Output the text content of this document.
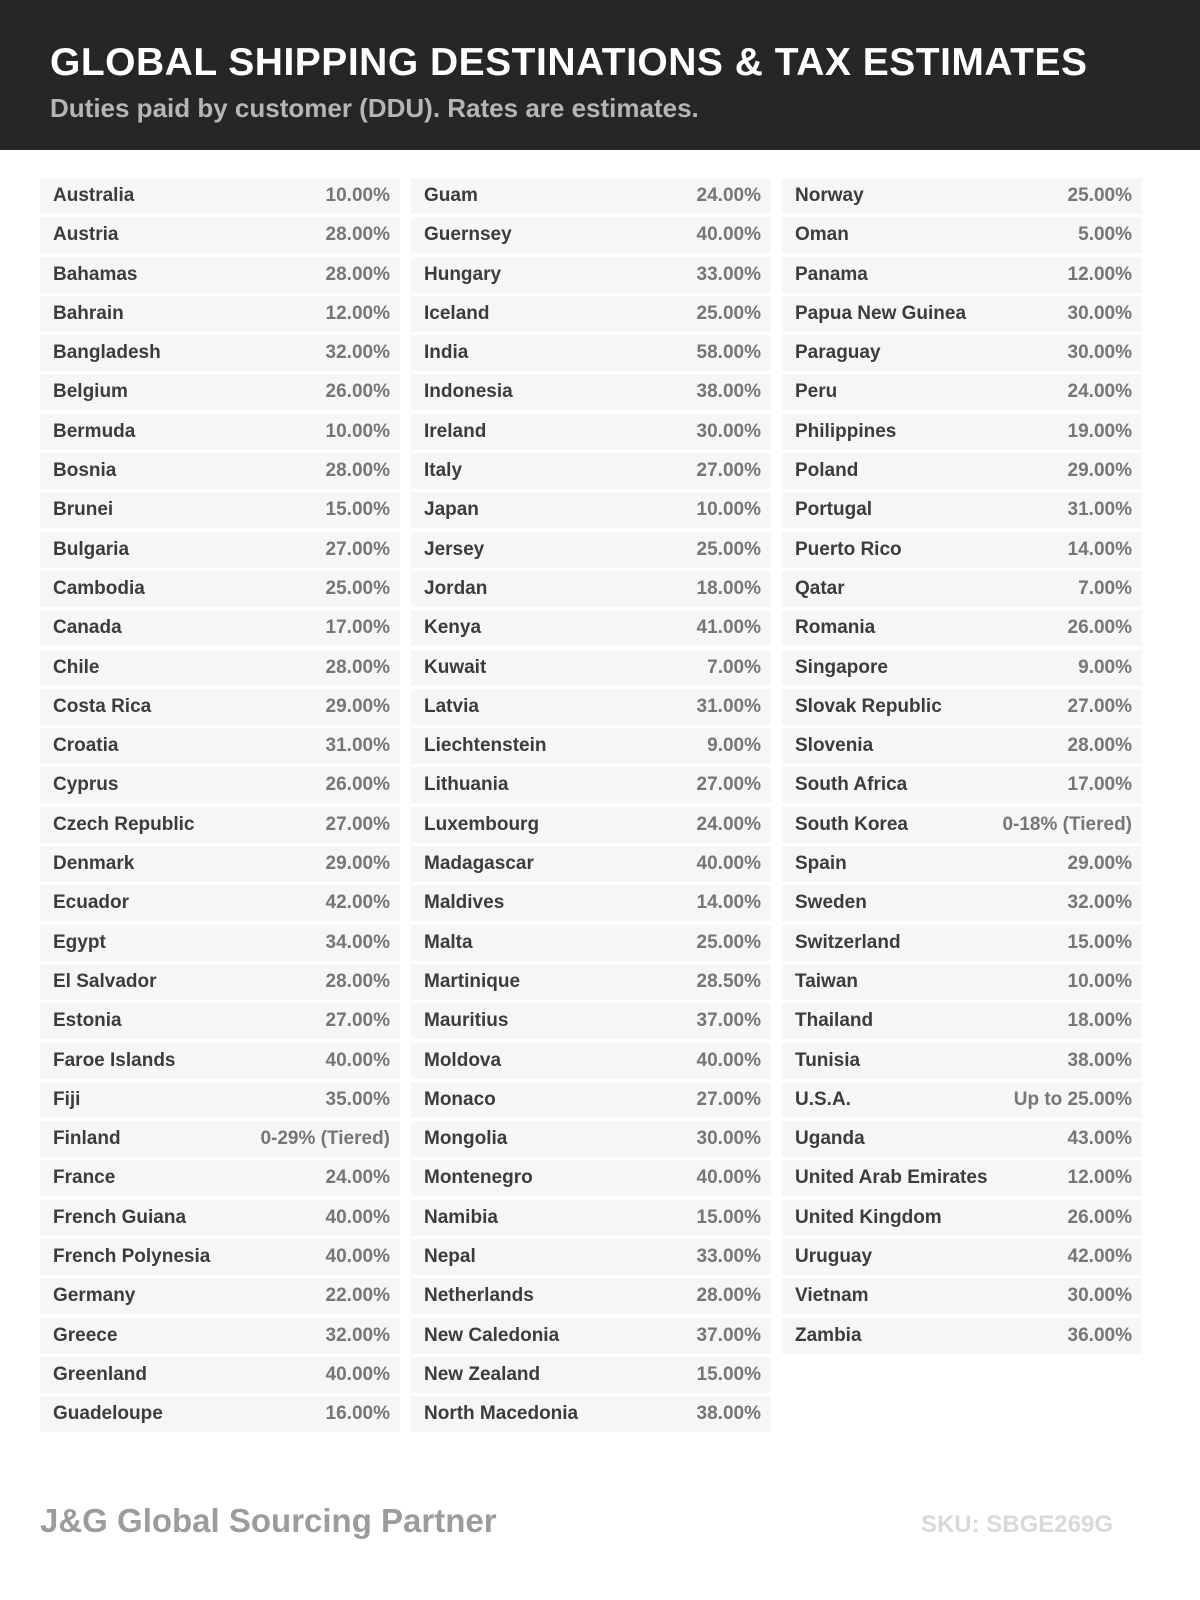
GLOBAL SHIPPING DESTINATIONS & TAX ESTIMATES

Duties paid by customer (DDU). Rates are estimates.

Australia	10.00%
Austria	28.00%
Bahamas	28.00%
Bahrain	12.00%
Bangladesh	32.00%
Belgium	26.00%
Bermuda	10.00%
Bosnia	28.00%
Brunei	15.00%
Bulgaria	27.00%
Cambodia	25.00%
Canada	17.00%
Chile	28.00%
Costa Rica	29.00%
Croatia	31.00%
Cyprus	26.00%
Czech Republic	27.00%
Denmark	29.00%
Ecuador	42.00%
Egypt	34.00%
El Salvador	28.00%
Estonia	27.00%
Faroe Islands	40.00%
Fiji	35.00%
Finland	0-29% (Tiered)
France	24.00%
French Guiana	40.00%
French Polynesia	40.00%
Germany	22.00%
Greece	32.00%
Greenland	40.00%
Guadeloupe	16.00%
Guam	24.00%
Guernsey	40.00%
Hungary	33.00%
Iceland	25.00%
India	58.00%
Indonesia	38.00%
Ireland	30.00%
Italy	27.00%
Japan	10.00%
Jersey	25.00%
Jordan	18.00%
Kenya	41.00%
Kuwait	7.00%
Latvia	31.00%
Liechtenstein	9.00%
Lithuania	27.00%
Luxembourg	24.00%
Madagascar	40.00%
Maldives	14.00%
Malta	25.00%
Martinique	28.50%
Mauritius	37.00%
Moldova	40.00%
Monaco	27.00%
Mongolia	30.00%
Montenegro	40.00%
Namibia	15.00%
Nepal	33.00%
Netherlands	28.00%
New Caledonia	37.00%
New Zealand	15.00%
North Macedonia	38.00%
Norway	25.00%
Oman	5.00%
Panama	12.00%
Papua New Guinea	30.00%
Paraguay	30.00%
Peru	24.00%
Philippines	19.00%
Poland	29.00%
Portugal	31.00%
Puerto Rico	14.00%
Qatar	7.00%
Romania	26.00%
Singapore	9.00%
Slovak Republic	27.00%
Slovenia	28.00%
South Africa	17.00%
South Korea	0-18% (Tiered)
Spain	29.00%
Sweden	32.00%
Switzerland	15.00%
Taiwan	10.00%
Thailand	18.00%
Tunisia	38.00%
U.S.A.	Up to 25.00%
Uganda	43.00%
United Arab Emirates	12.00%
United Kingdom	26.00%
Uruguay	42.00%
Vietnam	30.00%
Zambia	36.00%
J&G Global Sourcing Partner	SKU: SBGE269G
